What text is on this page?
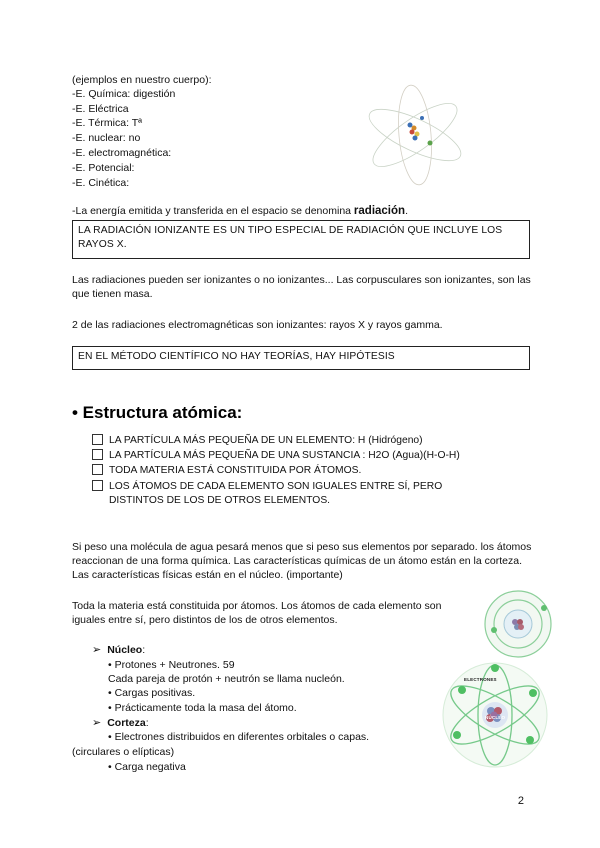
(ejemplos en nuestro cuerpo):
-E. Química: digestión
-E. Eléctrica
-E. Térmica: Tª
-E. nuclear: no
-E. electromagnética:
-E. Potencial:
-E. Cinética:
-La energía emitida y transferida en el espacio se denomina radiación.
LA RADIACIÓN IONIZANTE ES UN TIPO ESPECIAL DE RADIACIÓN QUE INCLUYE LOS RAYOS X.
Las radiaciones pueden ser ionizantes o no ionizantes... Las corpusculares son ionizantes, son las que tienen masa.
2 de las radiaciones electromagnéticas son ionizantes: rayos X y rayos gamma.
EN EL MÉTODO CIENTÍFICO NO HAY TEORÍAS, HAY HIPÓTESIS
• Estructura atómica:
LA PARTÍCULA MÁS PEQUEÑA DE UN ELEMENTO: H (Hidrógeno)
LA PARTÍCULA MÁS PEQUEÑA DE UNA SUSTANCIA : H2O (Agua)(H-O-H)
TODA MATERIA ESTÁ CONSTITUIDA POR ÁTOMOS.
LOS ÁTOMOS DE CADA ELEMENTO SON IGUALES ENTRE SÍ, PERO DISTINTOS DE LOS DE OTROS ELEMENTOS.
Si peso una molécula de agua pesará menos que si peso sus elementos por separado. los átomos reaccionan de una forma química. Las características químicas de un átomo están en la corteza. Las características físicas están en el núcleo. (importante)
Toda la materia está constituida por átomos. Los átomos de cada elemento son iguales entre sí, pero distintos de los de otros elementos.
➢ Núcleo:
• Protones + Neutrones. 59
Cada pareja de protón + neutrón se llama nucleón.
• Cargas positivas.
• Prácticamente toda la masa del átomo.
➢ Corteza:
• Electrones distribuidos en diferentes orbitales o capas.
(circulares o elípticas)
• Carga negativa
ELECTRONES
NÚCLEO
2
